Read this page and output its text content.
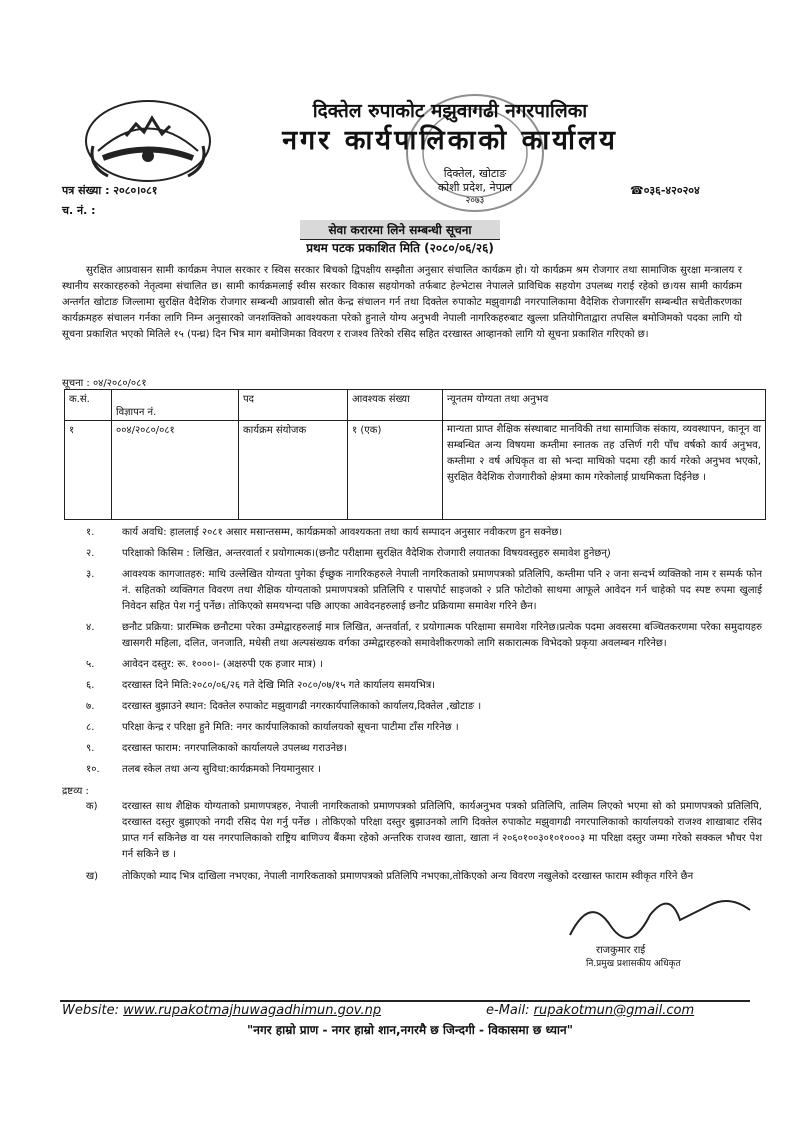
दिक्तेल रुपाकोट मझुवागढी नगरपालिका
नगर कार्यपालिकाको कार्यालय
दिक्तेल, खोटाङ
कोशी प्रदेश, नेपाल
२०७३
पत्र संख्या : २०८०।०८१
च. नं. :
☎०३६-४२०२०४
सेवा करारमा लिने सम्बन्धी सूचना
प्रथम पटक प्रकाशित मिति (२०८०/०६/२६)
सुरक्षित आप्रवासन सामी कार्यक्रम नेपाल सरकार र स्विस सरकार बिचको द्विपक्षीय सम्झौता अनुसार संचालित कार्यक्रम हो। यो कार्यक्रम श्रम रोजगार तथा सामाजिक सुरक्षा मन्त्रालय र स्थानीय सरकारहरुको नेतृत्वमा संचालित छ। सामी कार्यक्रमलाई स्वीस सरकार विकास सहयोगको तर्फबाट हेल्भेटास नेपालले प्राविधिक सहयोग उपलब्ध गराई रहेको छ।यस सामी कार्यक्रम अन्तर्गत खोटाङ जिल्लामा सुरक्षित वैदेशिक रोजगार सम्बन्धी आप्रवासी स्रोत केन्द्र संचालन गर्न तथा दिक्तेल रुपाकोट मझुवागढी नगरपालिकामा वैदेशिक रोजगारसँग सम्बन्धीत सचेतीकरणका कार्यक्रमहरु संचालन गर्नका लागि निम्न अनुसारको जनशक्तिको आवश्यकता परेको हुनाले योग्य अनुभवी नेपाली नागरिकहरुबाट खुल्ला प्रतियोगिताद्वारा तपसिल बमोजिमको पदका लागि यो सूचना प्रकाशित भएको मितिले १५ (पन्ध्र) दिन भित्र माग बमोजिमका विवरण र राजश्व तिरेको रसिद सहित दरखास्त आव्हानको लागि यो सूचना प्रकाशित गरिएको छ।
सूचना : ०४/२०८०/०८१
क.सं.	विज्ञापन नं.	पद	आवश्यक संख्या	न्यूनतम योग्यता तथा अनुभव
१	००४/२०८०/०८१	कार्यक्रम संयोजक	१ (एक)	मान्यता प्राप्त शैक्षिक संस्थाबाट मानविकी तथा सामाजिक संकाय, व्यवस्थापन, कानून वा सम्बन्धित अन्य विषयमा कम्तीमा स्नातक तह उत्तिर्ण गरी पाँच वर्षको कार्य अनुभव, कम्तीमा २ वर्ष अधिकृत वा सो भन्दा माथिको पदमा रही कार्य गरेको अनुभव भएको, सुरक्षित वैदेशिक रोजगारीको क्षेत्रमा काम गरेकोलाई प्राथमिकता दिईनेछ ।
१.	कार्य अवधि: हाललाई २०८१ असार मसान्तसम्म, कार्यक्रमको आवश्यकता तथा कार्य सम्पादन अनुसार नवीकरण हुन सक्नेछ।
२.	परिक्षाको किसिम : लिखित, अन्तरवार्ता र प्रयोगात्मक।(छनौट परीक्षामा सुरक्षित वैदेशिक रोजगारी लयातका विषयवस्तुहरु समावेश हुनेछन्)
३.	आवश्यक कागजातहरु: माथि उल्लेखित योग्यता पुगेका ईच्छुक नागरिकहरुले नेपाली नागरिकताको प्रमाणपत्रको प्रतिलिपि, कम्तीमा पनि २ जना सन्दर्भ व्यक्तिको नाम र सम्पर्क फोन नं. सहितको व्यक्तिगत विवरण तथा शैक्षिक योग्यताको प्रमाणपत्रको प्रतिलिपि र पासपोर्ट साइजको २ प्रति फोटोको साथमा आफूले आवेदन गर्न चाहेको पद स्पष्ट रुपमा खुलाई निवेदन सहित पेश गर्नु पर्नेछ। तोकिएको समयभन्दा पछि आएका आवेदनहरुलाई छनौट प्रक्रियामा समावेश गरिने छैन।
४.	छनौट प्रक्रिया: प्रारम्भिक छनौटमा परेका उम्मेद्वारहरुलाई मात्र लिखित, अन्तर्वार्ता, र प्रयोगात्मक परिक्षामा समावेश गरिनेछ।प्रत्येक पदमा अवसरमा बञ्चितकरणमा परेका समुदायहरु खासगरी महिला, दलित, जनजाति, मधेसी तथा अल्पसंख्यक वर्गका उम्मेद्वारहरुको समावेशीकरणको लागि सकारात्मक विभेदको प्रकृया अवलम्बन गरिनेछ।
५.	आवेदन दस्तुर: रू. १०००।- (अक्षरुपी एक हजार मात्र) ।
६.	दरखास्त दिने मिति:२०८०/०६/२६ गते देखि मिति २०८०/०७/१५ गते कार्यालय समयभित्र।
७.	दरखास्त बुझाउने स्थान: दिक्तेल रुपाकोट मझुवागढी नगरकार्यपालिकाको कार्यालय,दिक्तेल ,खोटाङ ।
८.	परिक्षा केन्द्र र परिक्षा हुने मिति: नगर कार्यपालिकाको कार्यालयको सूचना पाटीमा टाँस गरिनेछ ।
९.	दरखास्त फाराम: नगरपालिकाको कार्यालयले उपलब्ध गराउनेछ।
१०. तलब स्केल तथा अन्य सुविधा:कार्यक्रमको नियमानुसार ।
द्रष्टव्य :
क) दरखास्त साथ शैक्षिक योग्यताको प्रमाणपत्रहरु, नेपाली नागरिकताको प्रमाणपत्रको प्रतिलिपि, कार्यअनुभव पत्रको प्रतिलिपि, तालिम लिएको भएमा सो को प्रमाणपत्रको प्रतिलिपि, दरखास्त दस्तुर बुझाएको नगदी रसिद पेश गर्नु पर्नेछ । तोकिएको परिक्षा दस्तुर बुझाउनको लागि दिक्तेल रुपाकोट मझुवागढी नगरपालिकाको कार्यालयको राजश्व शाखाबाट रसिद प्राप्त गर्न सकिनेछ वा यस नगरपालिकाको राष्ट्रिय बाणिज्य बैंकमा रहेको अन्तरिक राजश्व खाता, खाता नं २०६०१००३०१०१०००३ मा परिक्षा दस्तुर जम्मा गरेको सक्कल भौचर पेश गर्न सकिने छ ।
ख) तोकिएको म्याद भित्र दाखिला नभएका, नेपाली नागरिकताको प्रमाणपत्रको प्रतिलिपि नभएका,तोकिएको अन्य विवरण नखुलेको दरखास्त फाराम स्वीकृत गरिने छैन
राजकुमार राई
नि.प्रमुख प्रशासकीय अधिकृत
Website: www.rupakotmajhuwagadhimun.gov.np	e-Mail: rupakotmun@gmail.com
"नगर हाम्रो प्राण - नगर हाम्रो शान,नगरमै छ जिन्दगी - विकासमा छ ध्यान"
